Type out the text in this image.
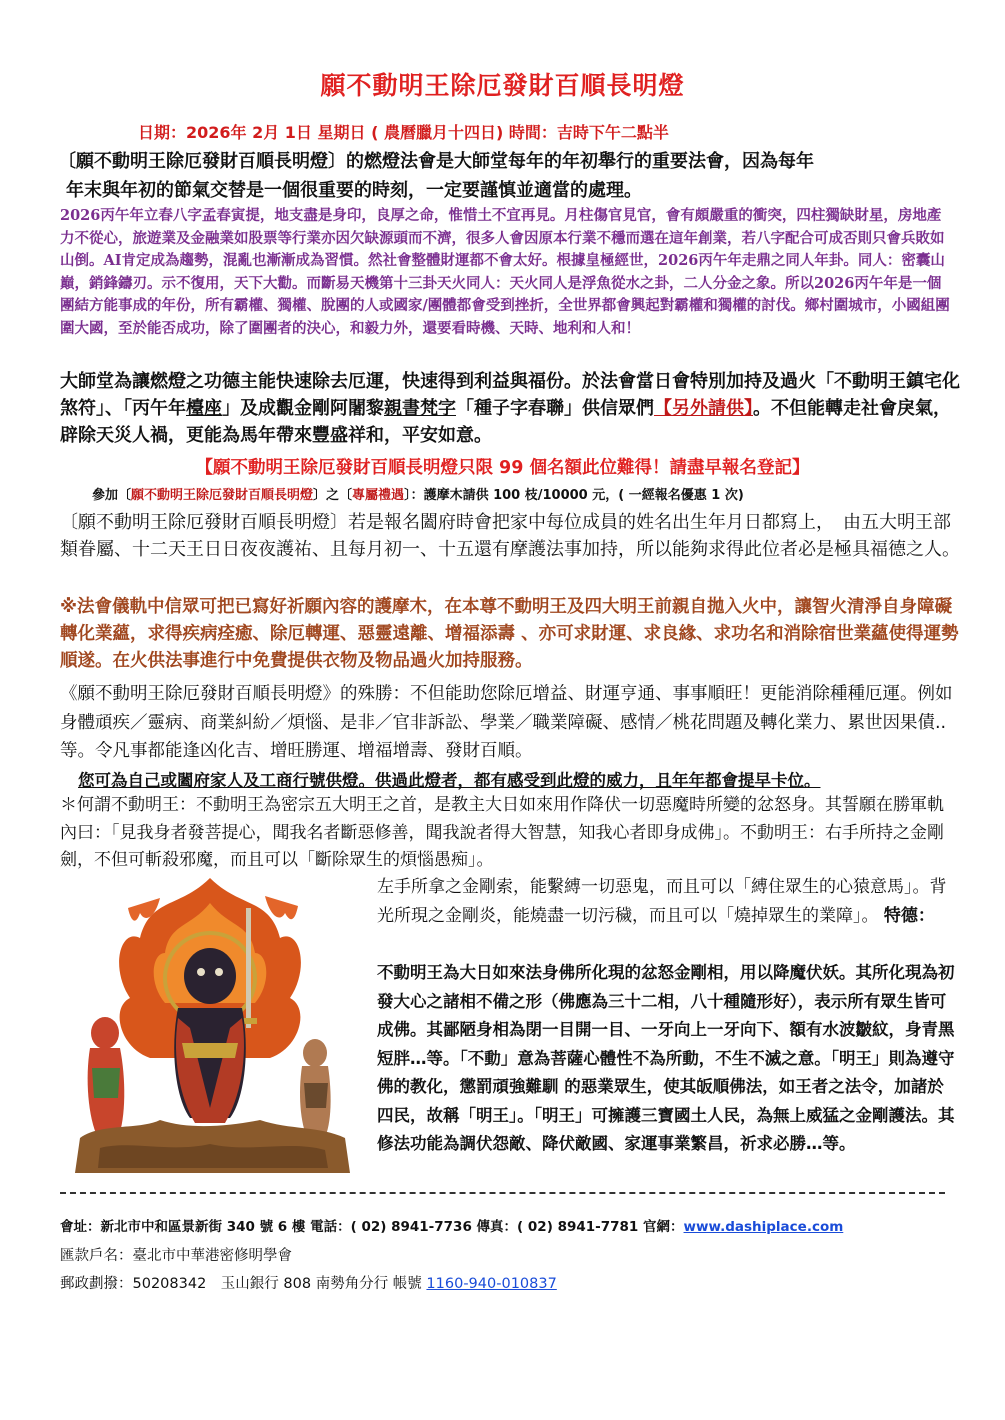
願不動明王除厄發財百順長明燈
日期：2026年 2月 1日 星期日 ( 農曆臘月十四日) 時間：吉時下午二點半
〔願不動明王除厄發財百順長明燈〕的燃燈法會是大師堂每年的年初舉行的重要法會，因為每年

年末與年初的節氣交替是一個很重要的時刻，一定要謹慎並適當的處理。
2026丙午年立春八字孟春寅提，地支盡是身印，良厚之命，惟惜土不宜再見。月柱傷官見官，會有頗嚴重的衝突，四柱獨缺財星，房地產力不從心，旅遊業及金融業如股票等行業亦因欠缺源頭而不濟，很多人會因原本行業不穩而選在這年創業，若八字配合可成否則只會兵敗如山倒。AI肯定成為趨勢，混亂也漸漸成為習慣。然社會整體財運都不會太好。根據皇極經世，2026丙午年走鼎之同人年卦。同人：密囊山巔，銷鋒鑄刃。示不復用，天下大勸。而斷易天機第十三卦天火同人：天火同人是浮魚從水之卦，二人分金之象。所以2026丙午年是一個團結方能事成的年份，所有霸權、獨權、脫團的人或國家/團體都會受到挫折，全世界都會興起對霸權和獨權的討伐。鄉村圍城市，小國組團圍大國，至於能否成功，除了圍團者的決心，和毅力外，還要看時機、天時、地利和人和！
大師堂為讓燃燈之功德主能快速除去厄運，快速得到利益與福份。於法會當日會特別加持及過火「不動明王鎮宅化煞符」、「丙午年檯座」及成觀金剛阿闍黎親書梵字「種子字春聯」供信眾們【另外請供】。不但能轉走社會戾氣，辟除天災人禍，更能為馬年帶來豐盛祥和，平安如意。
【願不動明王除厄發財百順長明燈只限 99 個名額此位難得！請盡早報名登記】
參加〔願不動明王除厄發財百順長明燈〕之〔專屬禮遇〕：護摩木請供 100 枝/10000 元，( 一經報名優惠 1 次)
〔願不動明王除厄發財百順長明燈〕若是報名闔府時會把家中每位成員的姓名出生年月日都寫上，　由五大明王部類眷屬、十二天王日日夜夜護祐、且每月初一、十五還有摩護法事加持，所以能夠求得此位者必是極具福德之人。
※法會儀軌中信眾可把已寫好祈願內容的護摩木，在本尊不動明王及四大明王前親自拋入火中，讓智火清淨自身障礙轉化業蘊，求得疾病痊癒、除厄轉運、惡靈遠離、增福添壽 、亦可求財運、求良緣、求功名和消除宿世業蘊使得運勢順遂。在火供法事進行中免費提供衣物及物品過火加持服務。
《願不動明王除厄發財百順長明燈》的殊勝：不但能助您除厄增益、財運亨通、事事順旺！更能消除種種厄運。例如身體頑疾／靈病、商業糾紛／煩惱、是非／官非訴訟、學業／職業障礙、感情／桃花問題及轉化業力、累世因果債.. 等。令凡事都能逢凶化吉、增旺勝運、增福增壽、發財百順。
您可為自己或闔府家人及工商行號供燈。供過此燈者，都有感受到此燈的威力，且年年都會提早卡位。
＊何謂不動明王：不動明王為密宗五大明王之首，是教主大日如來用作降伏一切惡魔時所變的忿怒身。其誓願在勝軍軌內曰：「見我身者發菩提心，聞我名者斷惡修善，聞我說者得大智慧，知我心者即身成佛」。不動明王：右手所持之金剛劍，不但可斬殺邪魔，而且可以「斷除眾生的煩惱愚痴」。
左手所拿之金剛索，能繫縛一切惡鬼，而且可以「縛住眾生的心猿意馬」。背光所現之金剛炎，能燒盡一切污穢，而且可以「燒掉眾生的業障」。 特德：
不動明王為大日如來法身佛所化現的忿怒金剛相，用以降魔伏妖。其所化現為初發大心之諸相不備之形（佛應為三十二相，八十種隨形好），表示所有眾生皆可成佛。其鄙陋身相為閉一目開一目、一牙向上一牙向下、額有水波皺紋，身青黑短胖…等。「不動」意為菩薩心體性不為所動，不生不滅之意。「明王」則為遵守佛的教化，懲罰頑強難馴 的惡業眾生，使其皈順佛法，如王者之法令，加諸於四民，故稱「明王」。「明王」可擁護三寶國土人民，為無上威猛之金剛護法。其修法功能為調伏怨敵、降伏敵國、家運事業繁昌，祈求必勝…等。
會址：新北市中和區景新街 340 號 6 樓 電話：( 02) 8941-7736 傳真：( 02) 8941-7781 官網：www.dashiplace.com
匯款戶名：臺北市中華港密修明學會
郵政劃撥：50208342　玉山銀行 808 南勢角分行 帳號 1160-940-010837
